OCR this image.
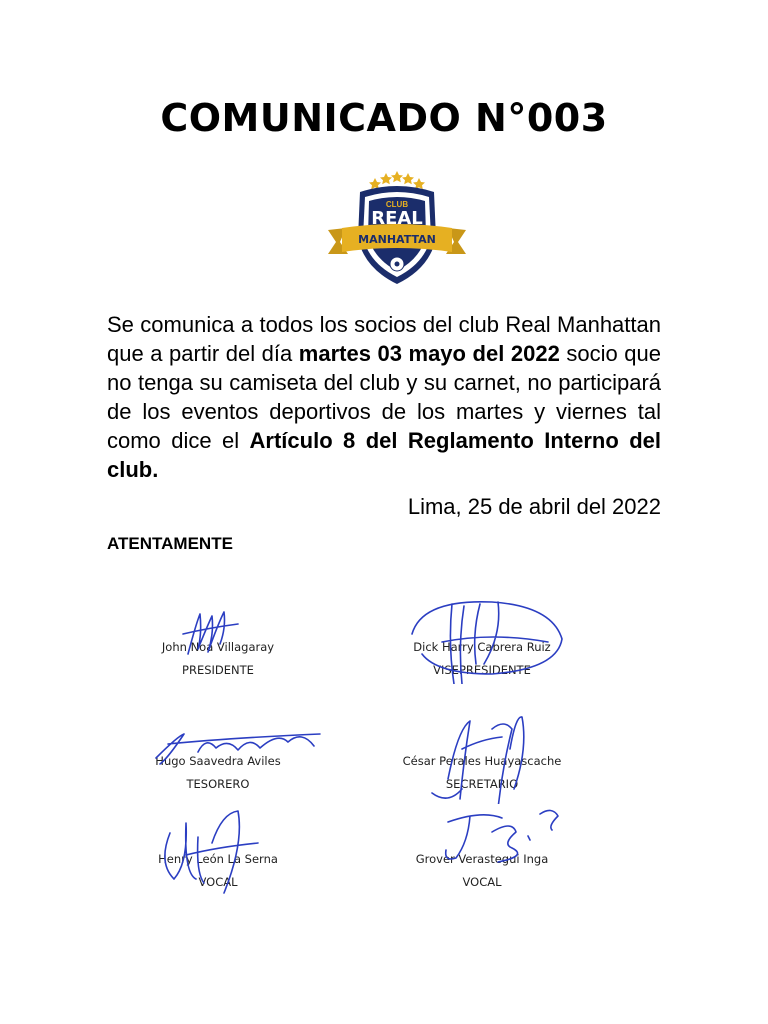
COMUNICADO N°003
CLUB
REAL
MANHATTAN

Se comunica a todos los socios del club Real Manhattan que a partir del día martes 03 mayo del 2022 socio que no tenga su camiseta del club y su carnet, no participará de los eventos deportivos de los martes y viernes tal como dice el Artículo 8 del Reglamento Interno del club.

Lima, 25 de abril del 2022

ATENTAMENTE

John Noa Villagaray
PRESIDENTE
Dick Harry Cabrera Ruiz
VISEPRESIDENTE
Hugo Saavedra Aviles
TESORERO
César Perales Huayascache
SECRETARIO
Henry León La Serna
VOCAL
Grover Verastegui Inga
VOCAL
